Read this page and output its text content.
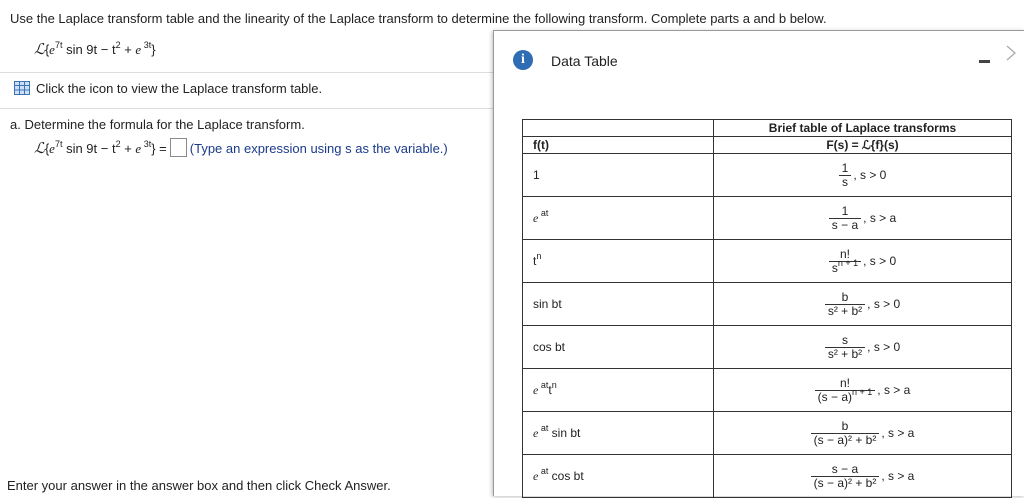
Use the Laplace transform table and the linearity of the Laplace transform to determine the following transform. Complete parts a and b below.
$ℒ\{e^{7t}$ $\sin 9t - t^2 + e$ $^{3t}$}
Click the icon to view the Laplace transform table.
a. Determine the formula for the Laplace transform.
$ℒ\{e^{7t}$ $\sin 9t - t^2 + e$ $^{3t}$} = (Type an expression using s as the variable.)
Enter your answer in the answer box and then click Check Answer.
i	Data Table
	Brief table of Laplace transforms
f(t)	F(s) = ℒ{f}(s)
1	$\frac{1}{s}$ , s > 0
e $^{at}$	$\frac{1}{s - a}$ , s > a
$t^n$	$\frac{n!}{s^{n + 1}}$ , s > 0
sin bt	$\frac{b}{\text{s² + b²}}$ , s > 0
cos bt	$\frac{s}{\text{s² + b²}}$ , s > 0
e $^{at}t^n$	$\frac{n!}{(s - a)^{n + 1}}$ , s > a
e $^{at}$ sin bt	$\frac{b}{\text{(s − a)² + b²}}$ , s > a
e $^{at}$ cos bt	$\frac{s - a}{\text{(s − a)² + b²}}$ , s > a
